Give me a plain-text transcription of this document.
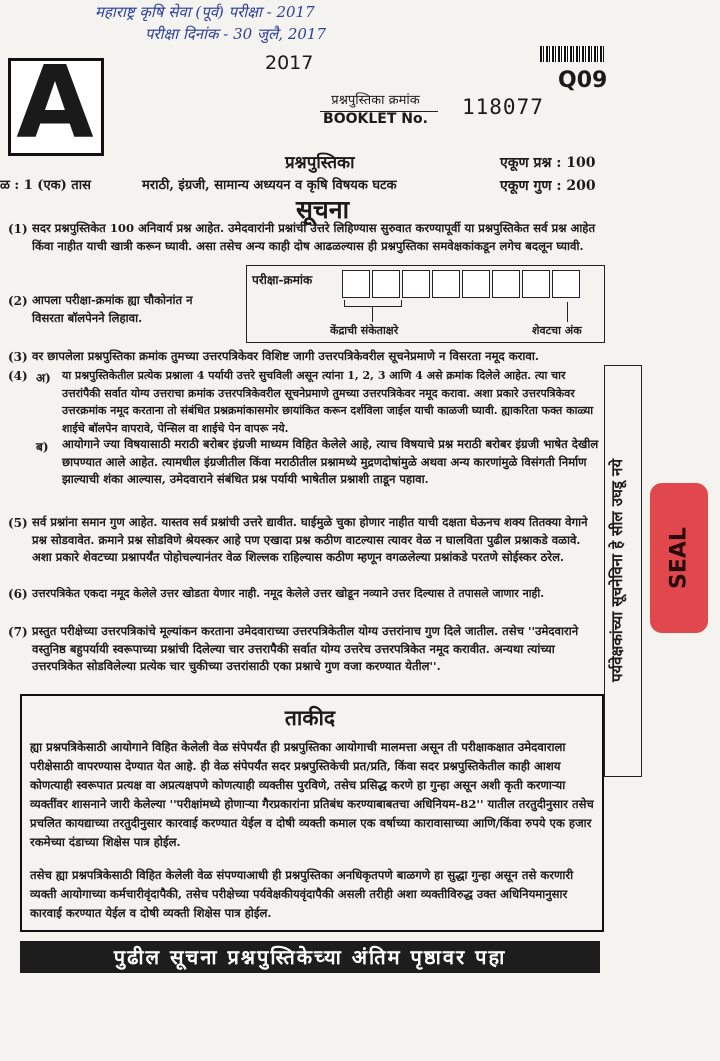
महाराष्ट्र कृषि सेवा (पूर्व) परीक्षा - 2017
परीक्षा दिनांक - 30 जुलै, 2017
A	2017
Q09
प्रश्नपुस्तिका क्रमांक
BOOKLET No.	118077
प्रश्नपुस्तिका
ळ : 1 (एक) तास	मराठी, इंग्रजी, सामान्य अध्ययन व कृषि विषयक घटक
एकूण प्रश्न : 100
एकूण गुण : 200
सूचना
(1) सदर प्रश्नपुस्तिकेत 100 अनिवार्य प्रश्न आहेत. उमेदवारांनी प्रश्नांची उत्तरे लिहिण्यास सुरुवात करण्यापूर्वी या प्रश्नपुस्तिकेत सर्व प्रश्न आहेत किंवा नाहीत याची खात्री करून घ्यावी. असा तसेच अन्य काही दोष आढळल्यास ही प्रश्नपुस्तिका समवेक्षकांकडून लगेच बदलून घ्यावी.
(2) आपला परीक्षा-क्रमांक ह्या चौकोनांत न विसरता बॉलपेनने लिहावा.
परीक्षा-क्रमांक
केंद्राची संकेताक्षरे	शेवटचा अंक
(3) वर छापलेला प्रश्नपुस्तिका क्रमांक तुमच्या उत्तरपत्रिकेवर विशिष्ट जागी उत्तरपत्रिकेवरील सूचनेप्रमाणे न विसरता नमूद करावा.
(4) अ) या प्रश्नपुस्तिकेतील प्रत्येक प्रश्नाला 4 पर्यायी उत्तरे सुचविली असून त्यांना 1, 2, 3 आणि 4 असे क्रमांक दिलेले आहेत. त्या चार उत्तरांपैकी सर्वात योग्य उत्तराचा क्रमांक उत्तरपत्रिकेवरील सूचनेप्रमाणे तुमच्या उत्तरपत्रिकेवर नमूद करावा. अशा प्रकारे उत्तरपत्रिकेवर उत्तरक्रमांक नमूद करताना तो संबंधित प्रश्नक्रमांकासमोर छायांकित करून दर्शविला जाईल याची काळजी घ्यावी. ह्याकरिता फक्त काळ्या शाईचे बॉलपेन वापरावे, पेन्सिल वा शाईचे पेन वापरू नये.
ब) आयोगाने ज्या विषयासाठी मराठी बरोबर इंग्रजी माध्यम विहित केलेले आहे, त्याच विषयाचे प्रश्न मराठी बरोबर इंग्रजी भाषेत देखील छापण्यात आले आहेत. त्यामधील इंग्रजीतील किंवा मराठीतील प्रश्नामध्ये मुद्रणदोषांमुळे अथवा अन्य कारणांमुळे विसंगती निर्माण झाल्याची शंका आल्यास, उमेदवाराने संबंधित प्रश्न पर्यायी भाषेतील प्रश्नाशी ताडून पहावा.
(5) सर्व प्रश्नांना समान गुण आहेत. यास्तव सर्व प्रश्नांची उत्तरे द्यावीत. घाईमुळे चुका होणार नाहीत याची दक्षता घेऊनच शक्य तितक्या वेगाने प्रश्न सोडवावेत. क्रमाने प्रश्न सोडविणे श्रेयस्कर आहे पण एखादा प्रश्न कठीण वाटल्यास त्यावर वेळ न घालविता पुढील प्रश्नाकडे वळावे. अशा प्रकारे शेवटच्या प्रश्नापर्यंत पोहोचल्यानंतर वेळ शिल्लक राहिल्यास कठीण म्हणून वगळलेल्या प्रश्नांकडे परतणे सोईस्कर ठरेल.
(6) उत्तरपत्रिकेत एकदा नमूद केलेले उत्तर खोडता येणार नाही. नमूद केलेले उत्तर खोडून नव्याने उत्तर दिल्यास ते तपासले जाणार नाही.
(7) प्रस्तुत परीक्षेच्या उत्तरपत्रिकांचे मूल्यांकन करताना उमेदवाराच्या उत्तरपत्रिकेतील योग्य उत्तरांनाच गुण दिले जातील. तसेच ''उमेदवाराने वस्तुनिष्ठ बहुपर्यायी स्वरूपाच्या प्रश्नांची दिलेल्या चार उत्तरापैकी सर्वात योग्य उत्तरेच उत्तरपत्रिकेत नमूद करावीत. अन्यथा त्यांच्या उत्तरपत्रिकेत सोडविलेल्या प्रत्येक चार चुकीच्या उत्तरांसाठी एका प्रश्नाचे गुण वजा करण्यात येतील''.	पर्यवेक्षकांच्या सूचनेविना हे सील उघडू नये	SEAL
ताकीद
ह्या प्रश्नपत्रिकेसाठी आयोगाने विहित केलेली वेळ संपेपर्यंत ही प्रश्नपुस्तिका आयोगाची मालमत्ता असून ती परीक्षाकक्षात उमेदवाराला परीक्षेसाठी वापरण्यास देण्यात येत आहे. ही वेळ संपेपर्यंत सदर प्रश्नपुस्तिकेची प्रत/प्रति, किंवा सदर प्रश्नपुस्तिकेतील काही आशय कोणत्याही स्वरूपात प्रत्यक्ष वा अप्रत्यक्षपणे कोणत्याही व्यक्तीस पुरविणे, तसेच प्रसिद्ध करणे हा गुन्हा असून अशी कृती करणाऱ्या व्यक्तींवर शासनाने जारी केलेल्या ''परीक्षांमध्ये होणाऱ्या गैरप्रकारांना प्रतिबंध करण्याबाबतचा अधिनियम-82'' यातील तरतुदीनुसार तसेच प्रचलित कायद्याच्या तरतुदीनुसार कारवाई करण्यात येईल व दोषी व्यक्ती कमाल एक वर्षाच्या कारावासाच्या आणि/किंवा रुपये एक हजार रकमेच्या दंडाच्या शिक्षेस पात्र होईल.
तसेच ह्या प्रश्नपत्रिकेसाठी विहित केलेली वेळ संपण्याआधी ही प्रश्नपुस्तिका अनधिकृतपणे बाळगणे हा सुद्धा गुन्हा असून तसे करणारी व्यक्ती आयोगाच्या कर्मचारीवृंदापैकी, तसेच परीक्षेच्या पर्यवेक्षकीयवृंदापैकी असली तरीही अशा व्यक्तीविरुद्ध उक्त अधिनियमानुसार कारवाई करण्यात येईल व दोषी व्यक्ती शिक्षेस पात्र होईल.
पुढील सूचना प्रश्नपुस्तिकेच्या अंतिम पृष्ठावर पहा
